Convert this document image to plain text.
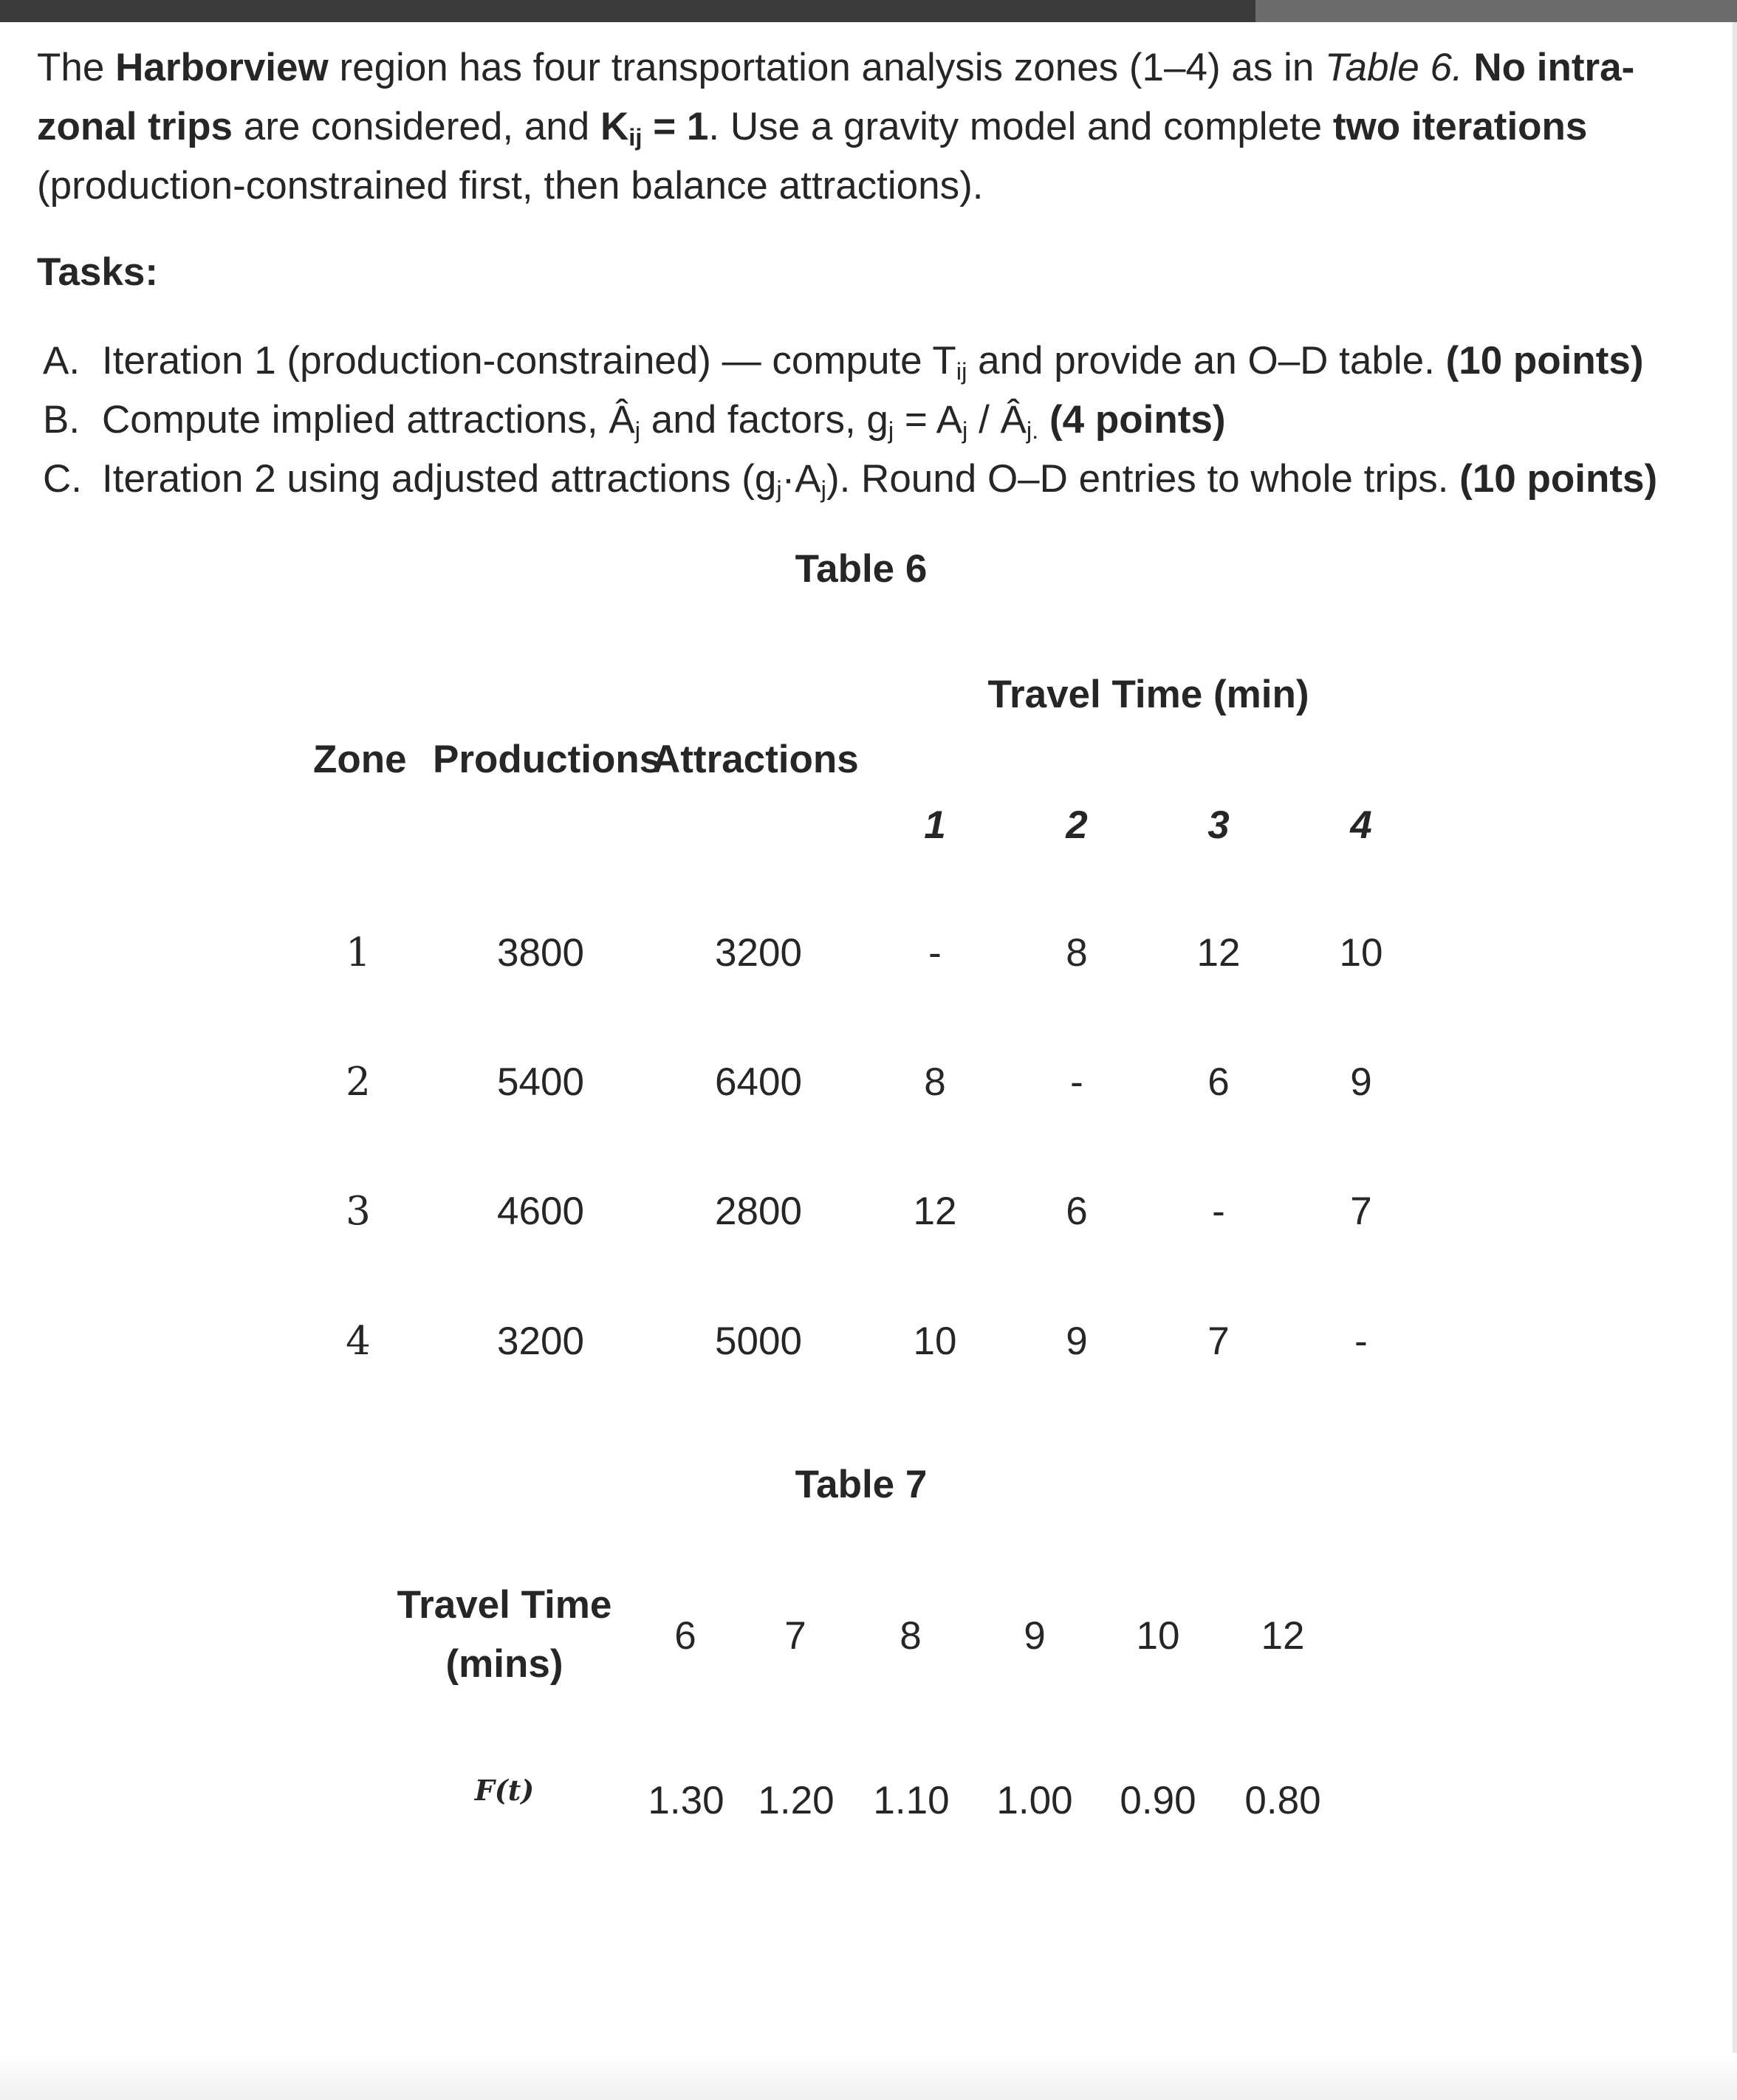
The Harborview region has four transportation analysis zones (1–4) as in Table 6. No intra-zonal trips are considered, and $K_{ij} = 1$. Use a gravity model and complete two iterations (production-constrained first, then balance attractions).
Tasks:
A. Iteration 1 (production-constrained) — compute $T_{ij}$ and provide an O–D table. (10 points)
B. Compute implied attractions, $Â_j$ and factors, $g_j = A_j$ / $Â_{j.}$ (4 points)
C. Iteration 2 using adjusted attractions $(g_j\cdot A_j)$. Round O–D entries to whole trips. (10 points)
Table 6
Travel Time (min)
Zone Productions
Attractions
1	2	3	4
1	3800	3200	-	8	12	10
2	5400	6400	8	-	6	9
3	4600	2800	12	6	-	7
4	3200	5000	10	9	7	-
Table 7
Travel Time
(mins)
6 7 8	9 10 12
F(t)	1.30 1.20 1.10 1.00 0.90 0.80
